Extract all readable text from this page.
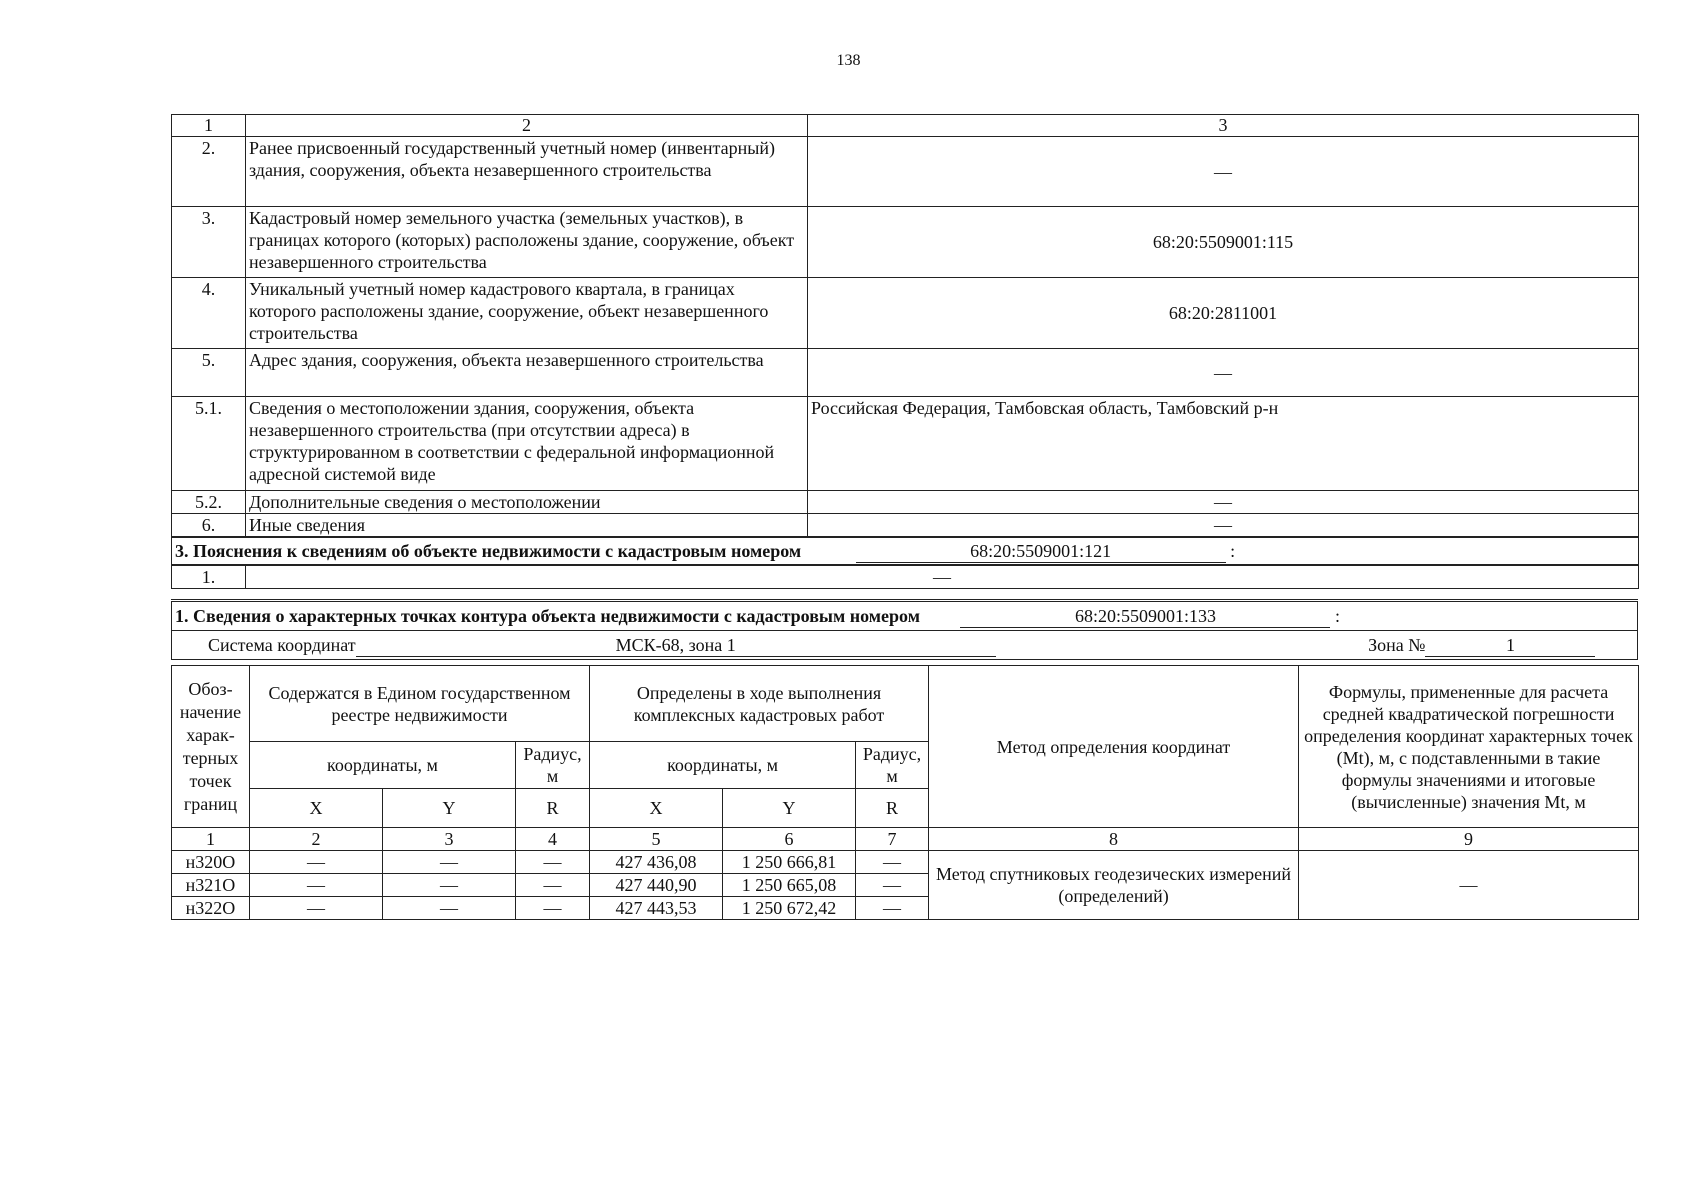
138
1	2	3
2.	Ранее присвоенный государственный учетный номер (инвентарный) здания, сооружения, объекта незавершенного строительства	—
3.	Кадастровый номер земельного участка (земельных участков), в границах которого (которых) расположены здание, сооружение, объект незавершенного строительства	68:20:5509001:115
4.	Уникальный учетный номер кадастрового квартала, в границах которого расположены здание, сооружение, объект незавершенного строительства	68:20:2811001
5.	Адрес здания, сооружения, объекта незавершенного строительства	—
5.1.	Сведения о местоположении здания, сооружения, объекта незавершенного строительства (при отсутствии адреса) в структурированном в соответствии с федеральной информационной адресной системой виде	Российская Федерация, Тамбовская область, Тамбовский р-н
5.2.	Дополнительные сведения о местоположении	—
6.	Иные сведения	—
3. Пояснения к сведениям об объекте недвижимости с кадастровым номером 68:20:5509001:121 :		
1.	—	
1. Сведения о характерных точках контура объекта недвижимости с кадастровым номером	68:20:5509001:133	:
Система координат	МСК-68, зона 1	Зона №	1
Обоз-начение харак-терных точек границ	Содержатся в Едином государственном реестре недвижимости			Определены в ходе выполнения комплексных кадастровых работ			Метод определения координат	Формулы, примененные для расчета средней квадратической погрешности определения координат характерных точек (Mt), м, с подставленными в такие формулы значениями и итоговые (вычисленные) значения Mt, м
	координаты, м		Радиус, м	координаты, м		Радиус, м		
	X	Y	R	X	Y	R		
1	2	3	4	5	6	7	8	9
н320О	—	—	—	427 436,08	1 250 666,81	—	Метод спутниковых геодезических измерений (определений)	—
н321О	—	—	—	427 440,90	1 250 665,08	—		
н322О	—	—	—	427 443,53	1 250 672,42	—		
